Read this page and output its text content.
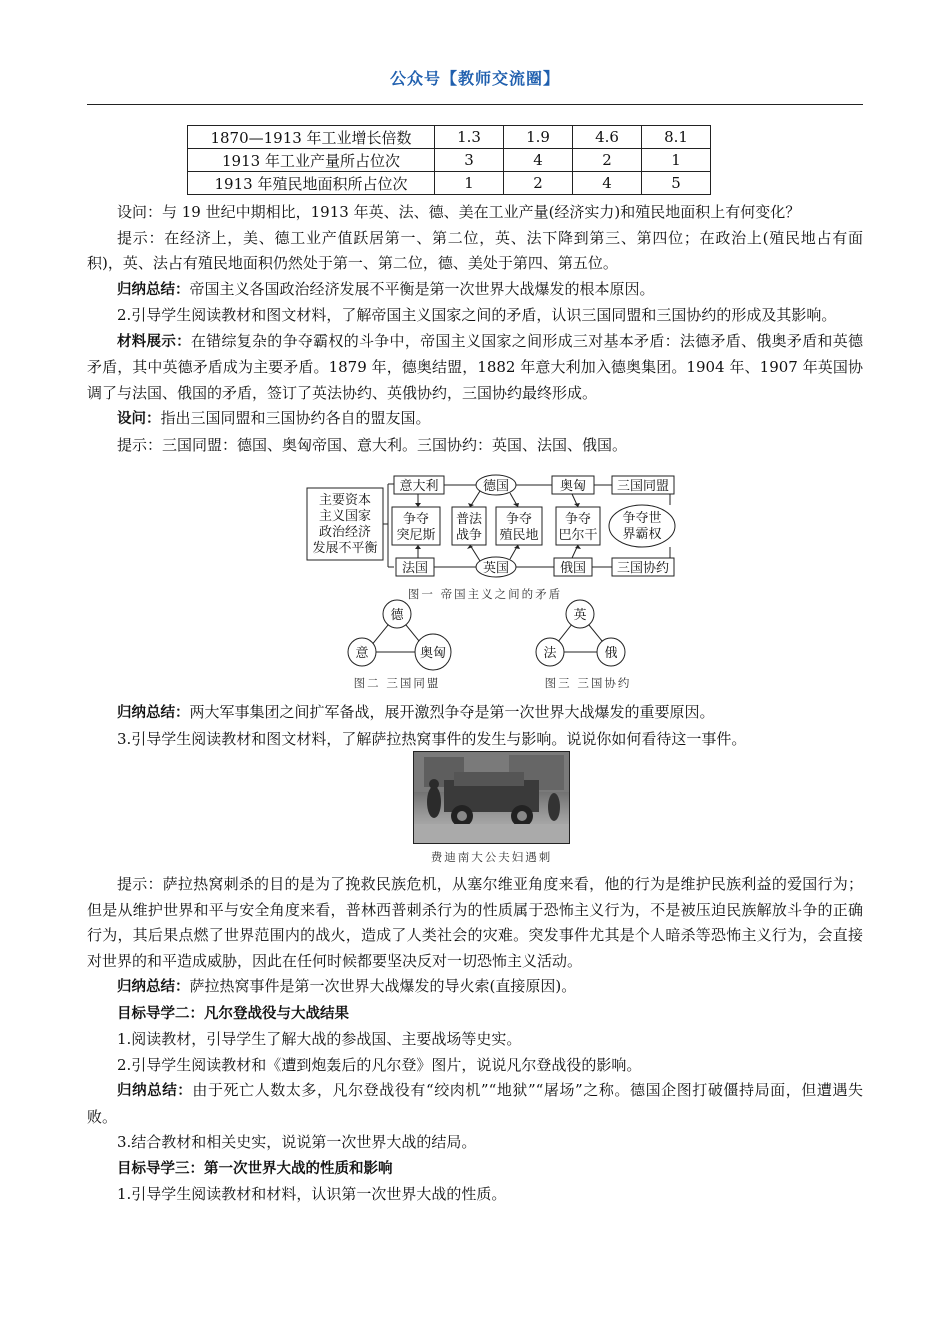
公众号【教师交流圈】
1870—1913 年工业增长倍数	1.3	1.9	4.6	8.1
1913 年工业产量所占位次	3	4	2	1
1913 年殖民地面积所占位次	1	2	4	5

设问：与 19 世纪中期相比，1913 年英、法、德、美在工业产量(经济实力)和殖民地面积上有何变化？

提示：在经济上，美、德工业产值跃居第一、第二位，英、法下降到第三、第四位；在政治上(殖民地占有面积)，英、法占有殖民地面积仍然处于第一、第二位，德、美处于第四、第五位。

归纳总结：帝国主义各国政治经济发展不平衡是第一次世界大战爆发的根本原因。

2.引导学生阅读教材和图文材料，了解帝国主义国家之间的矛盾，认识三国同盟和三国协约的形成及其影响。

材料展示：在错综复杂的争夺霸权的斗争中，帝国主义国家之间形成三对基本矛盾：法德矛盾、俄奥矛盾和英德矛盾，其中英德矛盾成为主要矛盾。1879 年，德奥结盟，1882 年意大利加入德奥集团。1904 年、1907 年英国协调了与法国、俄国的矛盾，签订了英法协约、英俄协约，三国协约最终形成。

设问：指出三国同盟和三国协约各自的盟友国。

提示：三国同盟：德国、奥匈帝国、意大利。三国协约：英国、法国、俄国。

主要资本
主义国家
政治经济
发展不平衡
意大利	德国	奥匈 三国同盟
法国	英国	俄国 三国协约
争夺
突尼斯
普法
战争
争夺
殖民地
争夺
巴尔干
争夺世
界霸权
图一 帝国主义之间的矛盾
德
意	奥匈
图二 三国同盟
英
法	俄
图三 三国协约

归纳总结：两大军事集团之间扩军备战，展开激烈争夺是第一次世界大战爆发的重要原因。

3.引导学生阅读教材和图文材料，了解萨拉热窝事件的发生与影响。说说你如何看待这一事件。

费迪南大公夫妇遇刺

提示：萨拉热窝刺杀的目的是为了挽救民族危机，从塞尔维亚角度来看，他的行为是维护民族利益的爱国行为；但是从维护世界和平与安全角度来看，普林西普刺杀行为的性质属于恐怖主义行为，不是被压迫民族解放斗争的正确行为，其后果点燃了世界范围内的战火，造成了人类社会的灾难。突发事件尤其是个人暗杀等恐怖主义行为，会直接对世界的和平造成威胁，因此在任何时候都要坚决反对一切恐怖主义活动。

归纳总结：萨拉热窝事件是第一次世界大战爆发的导火索(直接原因)。

目标导学二：凡尔登战役与大战结果

1.阅读教材，引导学生了解大战的参战国、主要战场等史实。

2.引导学生阅读教材和《遭到炮轰后的凡尔登》图片，说说凡尔登战役的影响。

归纳总结：由于死亡人数太多，凡尔登战役有“绞肉机”“地狱”“屠场”之称。德国企图打破僵持局面，但遭遇失败。

3.结合教材和相关史实，说说第一次世界大战的结局。

目标导学三：第一次世界大战的性质和影响

1.引导学生阅读教材和材料，认识第一次世界大战的性质。
